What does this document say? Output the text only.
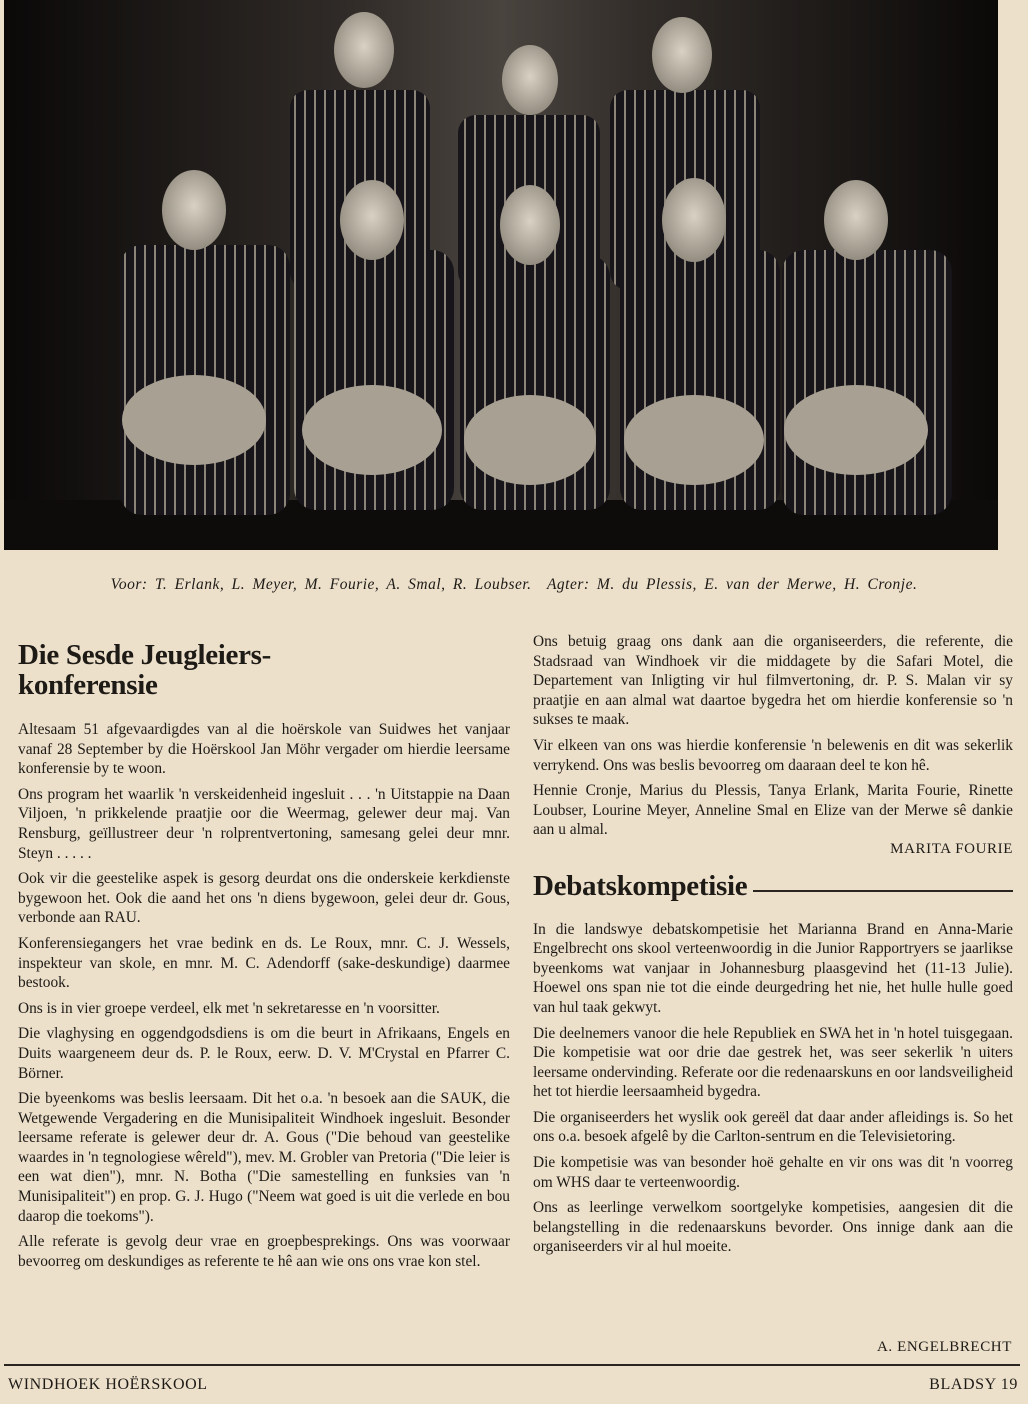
Voor: T. Erlank, L. Meyer, M. Fourie, A. Smal, R. Loubser. Agter: M. du Plessis, E. van der Merwe, H. Cronje.
Die Sesde Jeugleiers-
konferensie

Altesaam 51 afgevaardigdes van al die hoërskole van Suidwes het vanjaar vanaf 28 September by die Hoërskool Jan Möhr vergader om hierdie leersame konferensie by te woon.

Ons program het waarlik 'n verskeidenheid ingesluit . . . 'n Uitstappie na Daan Viljoen, 'n prikkelende praatjie oor die Weermag, gelewer deur maj. Van Rensburg, geïllustreer deur 'n rolprentvertoning, samesang gelei deur mnr. Steyn . . . . .

Ook vir die geestelike aspek is gesorg deurdat ons die onderskeie kerkdienste bygewoon het. Ook die aand het ons 'n diens bygewoon, gelei deur dr. Gous, verbonde aan RAU.

Konferensiegangers het vrae bedink en ds. Le Roux, mnr. C. J. Wessels, inspekteur van skole, en mnr. M. C. Adendorff (sake-deskundige) daarmee bestook.

Ons is in vier groepe verdeel, elk met 'n sekretaresse en 'n voorsitter.

Die vlaghysing en oggendgodsdiens is om die beurt in Afrikaans, Engels en Duits waargeneem deur ds. P. le Roux, eerw. D. V. M'Crystal en Pfarrer C. Börner.

Die byeenkoms was beslis leersaam. Dit het o.a. 'n besoek aan die SAUK, die Wetgewende Vergadering en die Munisipaliteit Windhoek ingesluit. Besonder leersame referate is gelewer deur dr. A. Gous ("Die behoud van geestelike waardes in 'n tegnologiese wêreld"), mev. M. Grobler van Pretoria ("Die leier is een wat dien"), mnr. N. Botha ("Die samestelling en funksies van 'n Munisipaliteit") en prop. G. J. Hugo ("Neem wat goed is uit die verlede en bou daarop die toekoms").

Alle referate is gevolg deur vrae en groepbesprekings. Ons was voorwaar bevoorreg om deskundiges as referente te hê aan wie ons ons vrae kon stel.

Ons betuig graag ons dank aan die organiseerders, die referente, die Stadsraad van Windhoek vir die middagete by die Safari Motel, die Departement van Inligting vir hul filmvertoning, dr. P. S. Malan vir sy praatjie en aan almal wat daartoe bygedra het om hierdie konferensie so 'n sukses te maak.

Vir elkeen van ons was hierdie konferensie 'n belewenis en dit was sekerlik verrykend. Ons was beslis bevoorreg om daaraan deel te kon hê.

Hennie Cronje, Marius du Plessis, Tanya Erlank, Marita Fourie, Rinette Loubser, Lourine Meyer, Anneline Smal en Elize van der Merwe sê dankie aan u almal.

MARITA FOURIE
Debatskompetisie

In die landswye debatskompetisie het Marianna Brand en Anna-Marie Engelbrecht ons skool verteenwoordig in die Junior Rapportryers se jaarlikse byeenkoms wat vanjaar in Johannesburg plaasgevind het (11-13 Julie). Hoewel ons span nie tot die einde deurgedring het nie, het hulle hulle goed van hul taak gekwyt.

Die deelnemers vanoor die hele Republiek en SWA het in 'n hotel tuisgegaan. Die kompetisie wat oor drie dae gestrek het, was seer sekerlik 'n uiters leersame ondervinding. Referate oor die redenaarskuns en oor landsveiligheid het tot hierdie leersaamheid bygedra.

Die organiseerders het wyslik ook gereël dat daar ander afleidings is. So het ons o.a. besoek afgelê by die Carlton-sentrum en die Televisietoring.

Die kompetisie was van besonder hoë gehalte en vir ons was dit 'n voorreg om WHS daar te verteenwoordig.

Ons as leerlinge verwelkom soortgelyke kompetisies, aangesien dit die belangstelling in die redenaarskuns bevorder. Ons innige dank aan die organiseerders vir al hul moeite.

A. ENGELBRECHT
WINDHOEK HOËRSKOOL	BLADSY 19
